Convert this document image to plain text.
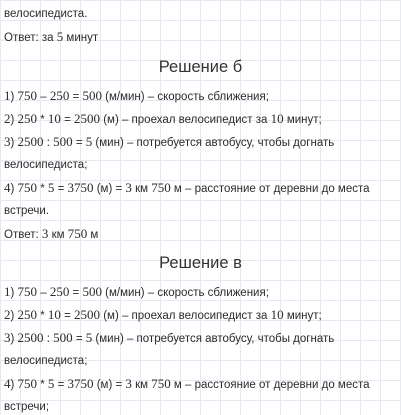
велосипедиста.
Ответ: за 5 минут
Решение б
1) 750 – 250 = 500 (м/мин) – скорость сближения;
2) 250 * 10 = 2500 (м) – проехал велосипедист за 10 минут;
3) 2500 : 500 = 5 (мин) – потребуется автобусу, чтобы догнать
велосипедиста;
4) 750 * 5 = 3750 (м) = 3 км 750 м – расстояние от деревни до места
встречи.
Ответ: 3 км 750 м
Решение в
1) 750 – 250 = 500 (м/мин) – скорость сближения;
2) 250 * 10 = 2500 (м) – проехал велосипедист за 10 минут;
3) 2500 : 500 = 5 (мин) – потребуется автобусу, чтобы догнать
велосипедиста;
4) 750 * 5 = 3750 (м) = 3 км 750 м – расстояние от деревни до места
встречи;
